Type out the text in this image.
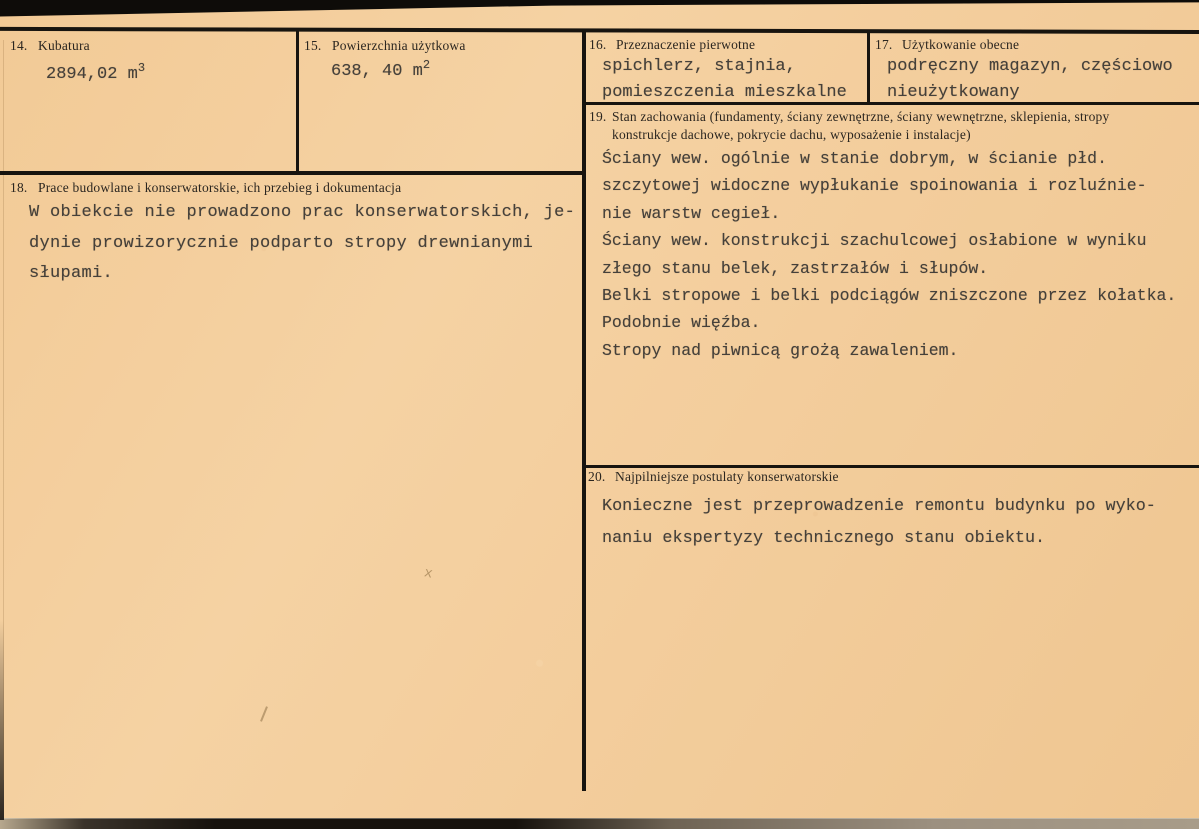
x
14. Kubatura
2894,02 $m^3$
15. Powierzchnia użytkowa
638, 40 $m^2$
16. Przeznaczenie pierwotne
spichlerz, stajnia,
pomieszczenia mieszkalne
17. Użytkowanie obecne
podręczny magazyn, częściowo
nieużytkowany
18. Prace budowlane i konserwatorskie, ich przebieg i dokumentacja
W obiekcie nie prowadzono prac konserwatorskich, je-
dynie prowizorycznie podparto stropy drewnianymi
słupami.
19. Stan zachowania (fundamenty, ściany zewnętrzne, ściany wewnętrzne, sklepienia, stropy
konstrukcje dachowe, pokrycie dachu, wyposażenie i instalacje)
Ściany wew. ogólnie w stanie dobrym, w ścianie płd.
szczytowej widoczne wypłukanie spoinowania i rozluźnie-
nie warstw cegieł.
Ściany wew. konstrukcji szachulcowej osłabione w wyniku
złego stanu belek, zastrzałów i słupów.
Belki stropowe i belki podciągów zniszczone przez kołatka.
Podobnie więźba.
Stropy nad piwnicą grożą zawaleniem.
20. Najpilniejsze postulaty konserwatorskie
Konieczne jest przeprowadzenie remontu budynku po wyko-
naniu ekspertyzy technicznego stanu obiektu.
